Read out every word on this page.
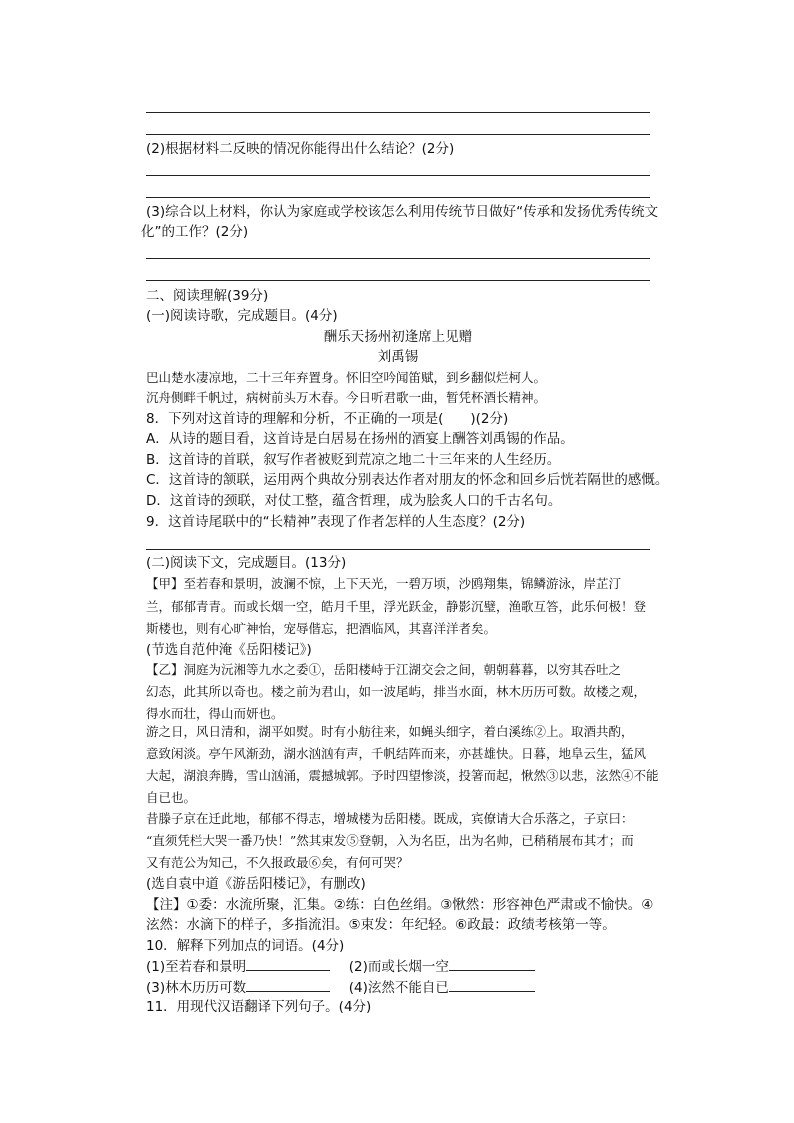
(2)根据材料二反映的情况你能得出什么结论？(2分)
(3)综合以上材料，你认为家庭或学校该怎么利用传统节日做好“传承和发扬优秀传统文
化”的工作？(2分)
二、阅读理解(39分)
(一)阅读诗歌，完成题目。(4分)
酬乐天扬州初逢席上见赠
刘禹锡
巴山楚水凄凉地，二十三年弃置身。怀旧空吟闻笛赋，到乡翻似烂柯人。
沉舟侧畔千帆过，病树前头万木春。今日听君歌一曲，暂凭杯酒长精神。
8．下列对这首诗的理解和分析，不正确的一项是(　　)(2分)
A．从诗的题目看，这首诗是白居易在扬州的酒宴上酬答刘禹锡的作品。
B．这首诗的首联，叙写作者被贬到荒凉之地二十三年来的人生经历。
C．这首诗的颔联，运用两个典故分别表达作者对朋友的怀念和回乡后恍若隔世的感慨。
D．这首诗的颈联，对仗工整，蕴含哲理，成为脍炙人口的千古名句。
9．这首诗尾联中的“长精神”表现了作者怎样的人生态度？(2分)
(二)阅读下文，完成题目。(13分)
【甲】至若春和景明，波澜不惊，上下天光，一碧万顷，沙鸥翔集，锦鳞游泳，岸芷汀
兰，郁郁青青。而或长烟一空，皓月千里，浮光跃金，静影沉璧，渔歌互答，此乐何极！登
斯楼也，则有心旷神怡，宠辱偕忘，把酒临风，其喜洋洋者矣。
(节选自范仲淹《岳阳楼记》)
【乙】洞庭为沅湘等九水之委①，岳阳楼峙于江湖交会之间，朝朝暮暮，以穷其吞吐之
幻态，此其所以奇也。楼之前为君山，如一波尾屿，排当水面，林木历历可数。故楼之观，
得水而壮，得山而妍也。
游之日，风日清和，湖平如熨。时有小舫往来，如蝇头细字，着白溪练②上。取酒共酌，
意致闲淡。亭午风渐劲，湖水汹汹有声，千帆结阵而来，亦甚雄快。日暮，地阜云生，猛风
大起，湖浪奔腾，雪山汹涌，震撼城郭。予时四望惨淡，投箸而起，愀然③以悲，泫然④不能
自已也。
昔滕子京在迁此地，郁郁不得志，增城楼为岳阳楼。既成，宾僚请大合乐落之，子京曰：
“直须凭栏大哭一番乃快！”然其束发⑤登朝，入为名臣，出为名帅，已稍稍展布其才；而
又有范公为知己，不久报政最⑥矣，有何可哭？
(选自袁中道《游岳阳楼记》，有删改)
【注】①委：水流所聚，汇集。②练：白色丝绢。③愀然：形容神色严肃或不愉快。④
泫然：水滴下的样子，多指流泪。⑤束发：年纪轻。⑥政最：政绩考核第一等。
10．解释下列加点的词语。(4分)
(1)至若春和景明	(2)而或长烟一空
(3)林木历历可数	(4)泫然不能自已
11．用现代汉语翻译下列句子。(4分)
